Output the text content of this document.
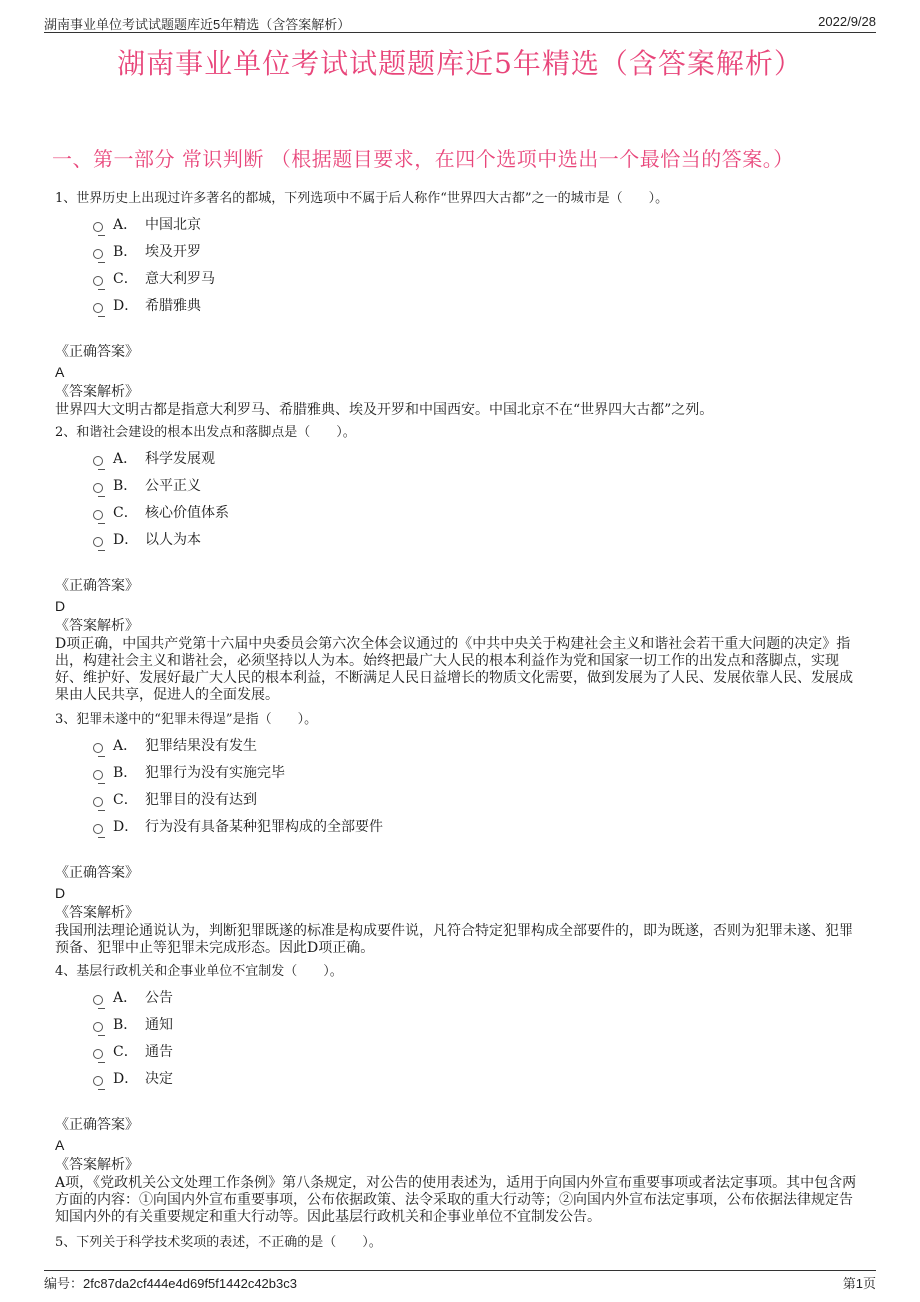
湖南事业单位考试试题题库近5年精选（含答案解析）	2022/9/28
湖南事业单位考试试题题库近5年精选（含答案解析）
一、第一部分 常识判断 （根据题目要求，在四个选项中选出一个最恰当的答案。）

1、世界历史上出现过许多著名的都城，下列选项中不属于后人称作“世界四大古都”之一的城市是（　　）。

A． 中国北京
B． 埃及开罗
C． 意大利罗马
D． 希腊雅典
《正确答案》
A
《答案解析》

世界四大文明古都是指意大利罗马、希腊雅典、埃及开罗和中国西安。中国北京不在“世界四大古都”之列。

2、和谐社会建设的根本出发点和落脚点是（　　）。

A． 科学发展观
B． 公平正义
C． 核心价值体系
D． 以人为本
《正确答案》
D
《答案解析》

D项正确，中国共产党第十六届中央委员会第六次全体会议通过的《中共中央关于构建社会主义和谐社会若干重大问题的决定》指出，构建社会主义和谐社会，必须坚持以人为本。始终把最广大人民的根本利益作为党和国家一切工作的出发点和落脚点，实现好、维护好、发展好最广大人民的根本利益，不断满足人民日益增长的物质文化需要，做到发展为了人民、发展依靠人民、发展成果由人民共享，促进人的全面发展。

3、犯罪未遂中的“犯罪未得逞”是指（　　）。

A． 犯罪结果没有发生
B． 犯罪行为没有实施完毕
C． 犯罪目的没有达到
D． 行为没有具备某种犯罪构成的全部要件
《正确答案》
D
《答案解析》

我国刑法理论通说认为，判断犯罪既遂的标准是构成要件说，凡符合特定犯罪构成全部要件的，即为既遂，否则为犯罪未遂、犯罪预备、犯罪中止等犯罪未完成形态。因此D项正确。

4、基层行政机关和企事业单位不宜制发（　　）。

A． 公告
B． 通知
C． 通告
D． 决定
《正确答案》
A
《答案解析》

A项，《党政机关公文处理工作条例》第八条规定，对公告的使用表述为，适用于向国内外宣布重要事项或者法定事项。其中包含两方面的内容：①向国内外宣布重要事项，公布依据政策、法令采取的重大行动等；②向国内外宣布法定事项，公布依据法律规定告知国内外的有关重要规定和重大行动等。因此基层行政机关和企事业单位不宜制发公告。

5、下列关于科学技术奖项的表述，不正确的是（　　）。

编号：2fc87da2cf444e4d69f5f1442c42b3c3	第1页
